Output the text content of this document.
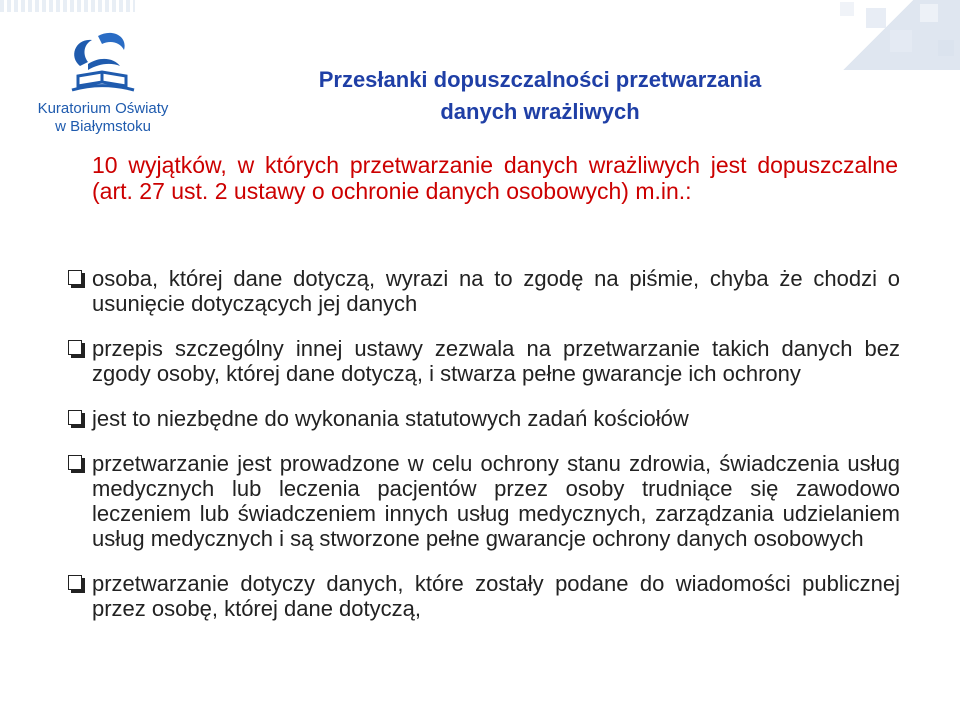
Kuratorium Oświaty
w Białymstoku
Przesłanki dopuszczalności przetwarzania
danych wrażliwych
10 wyjątków, w których przetwarzanie danych wrażliwych jest dopuszczalne (art. 27 ust. 2 ustawy o ochronie danych osobowych) m.in.:
osoba, której dane dotyczą, wyrazi na to zgodę na piśmie, chyba że chodzi o usunięcie dotyczących jej danych
przepis szczególny innej ustawy zezwala na przetwarzanie takich danych bez zgody osoby, której dane dotyczą, i stwarza pełne gwarancje ich ochrony
jest to niezbędne do wykonania statutowych zadań kościołów
przetwarzanie jest prowadzone w celu ochrony stanu zdrowia, świadczenia usług medycznych lub leczenia pacjentów przez osoby trudniące się zawodowo leczeniem lub świadczeniem innych usług medycznych, zarządzania udzielaniem usług medycznych i są stworzone pełne gwarancje ochrony danych osobowych
przetwarzanie dotyczy danych, które zostały podane do wiadomości publicznej przez osobę, której dane dotyczą,
